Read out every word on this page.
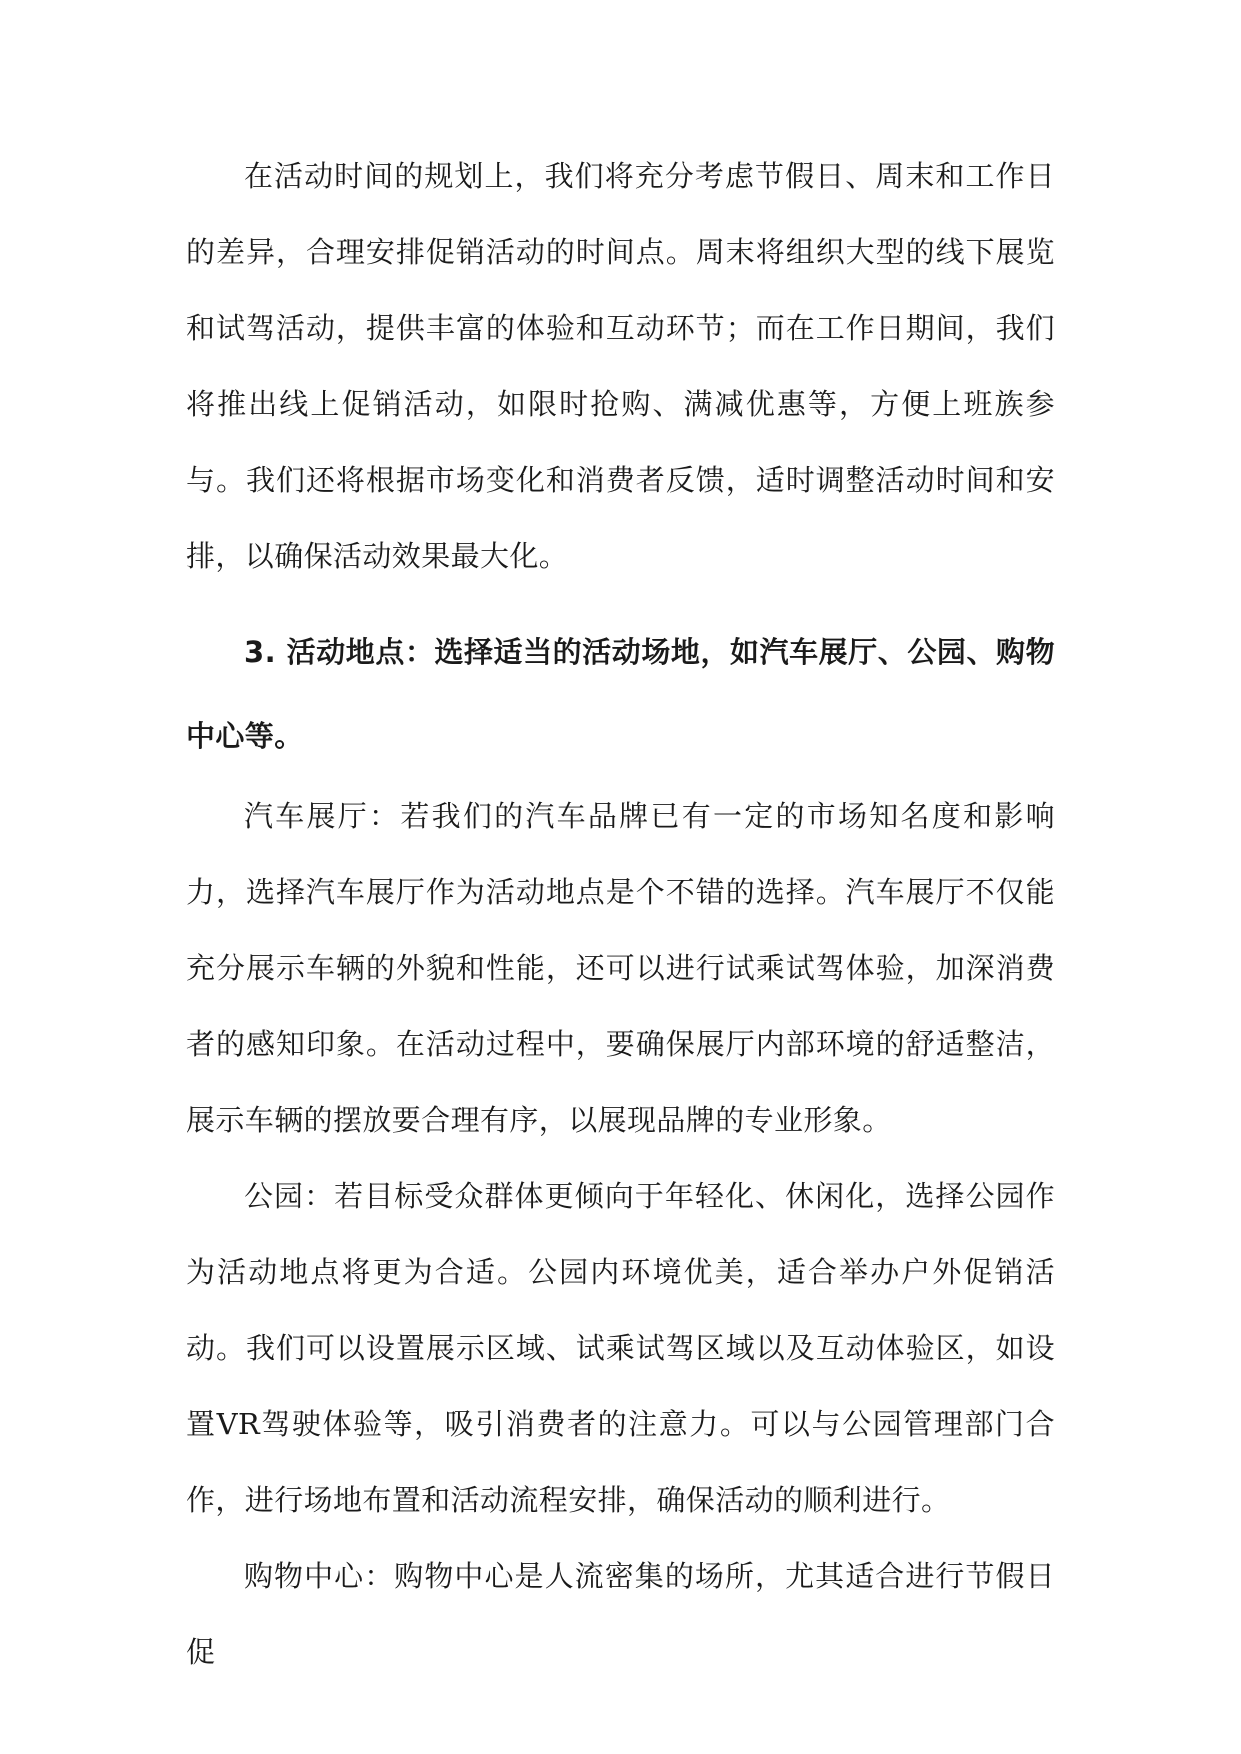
在活动时间的规划上，我们将充分考虑节假日、周末和工作日的差异，合理安排促销活动的时间点。周末将组织大型的线下展览和试驾活动，提供丰富的体验和互动环节；而在工作日期间，我们将推出线上促销活动，如限时抢购、满减优惠等，方便上班族参与。我们还将根据市场变化和消费者反馈，适时调整活动时间和安排，以确保活动效果最大化。

3. 活动地点：选择适当的活动场地，如汽车展厅、公园、购物中心等。

汽车展厅：若我们的汽车品牌已有一定的市场知名度和影响力，选择汽车展厅作为活动地点是个不错的选择。汽车展厅不仅能充分展示车辆的外貌和性能，还可以进行试乘试驾体验，加深消费者的感知印象。在活动过程中，要确保展厅内部环境的舒适整洁，展示车辆的摆放要合理有序，以展现品牌的专业形象。

公园：若目标受众群体更倾向于年轻化、休闲化，选择公园作为活动地点将更为合适。公园内环境优美，适合举办户外促销活动。我们可以设置展示区域、试乘试驾区域以及互动体验区，如设置VR驾驶体验等，吸引消费者的注意力。可以与公园管理部门合作，进行场地布置和活动流程安排，确保活动的顺利进行。

购物中心：购物中心是人流密集的场所，尤其适合进行节假日促
